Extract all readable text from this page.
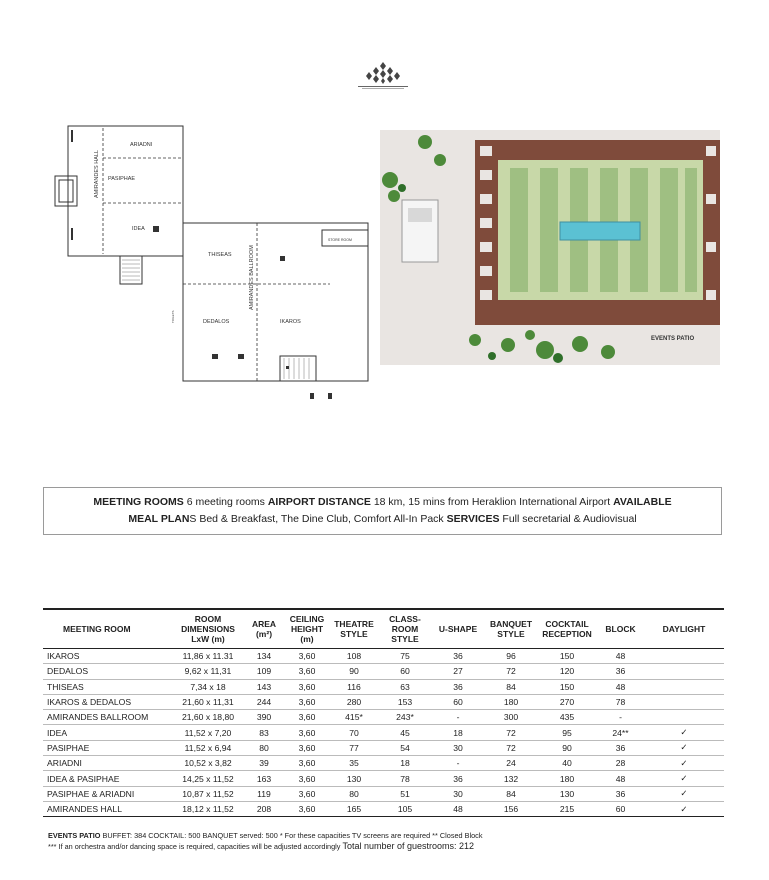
ARIADNI
PASIPHAE
AMIRANDES HALL
IDEA
THISEAS	AMIRANDES BALLROOM
STORE ROOM
DEDALOS	IKAROS
TOILETS
EVENTS PATIO
MEETING ROOMS 6 meeting rooms AIRPORT DISTANCE 18 km, 15 mins from Heraklion International Airport AVAILABLE
MEAL PLANS Bed & Breakfast, The Dine Club, Comfort All-In Pack SERVICES Full secretarial & Audiovisual
MEETING ROOM	ROOM DIMENSIONS LxW (m)	AREA (m²)	CEILING HEIGHT (m)	THEATRE STYLE	CLASS-ROOM STYLE	U-SHAPE	BANQUET STYLE	COCKTAIL RECEPTION	BLOCK	DAYLIGHT
IKAROS	11,86 x 11.31	134	3,60	108	75	36	96	150	48	
DEDALOS	9,62 x 11,31	109	3,60	90	60	27	72	120	36	
THISEAS	7,34 x 18	143	3,60	116	63	36	84	150	48	
IKAROS & DEDALOS	21,60 x 11,31	244	3,60	280	153	60	180	270	78	
AMIRANDES BALLROOM	21,60 x 18,80	390	3,60	415*	243*	-	300	435	-	
IDEA	11,52 x 7,20	83	3,60	70	45	18	72	95	24**	✓
PASIPHAE	11,52 x 6,94	80	3,60	77	54	30	72	90	36	✓
ARIADNI	10,52 x 3,82	39	3,60	35	18	-	24	40	28	✓
IDEA & PASIPHAE	14,25 x 11,52	163	3,60	130	78	36	132	180	48	✓
PASIPHAE & ARIADNI	10,87 x 11,52	119	3,60	80	51	30	84	130	36	✓
AMIRANDES HALL	18,12 x 11,52	208	3,60	165	105	48	156	215	60	✓
EVENTS PATIO BUFFET: 384 COCKTAIL: 500 BANQUET served: 500 * For these capacities TV screens are required ** Closed Block
*** If an orchestra and/or dancing space is required, capacities will be adjusted accordingly Total number of guestrooms: 212
